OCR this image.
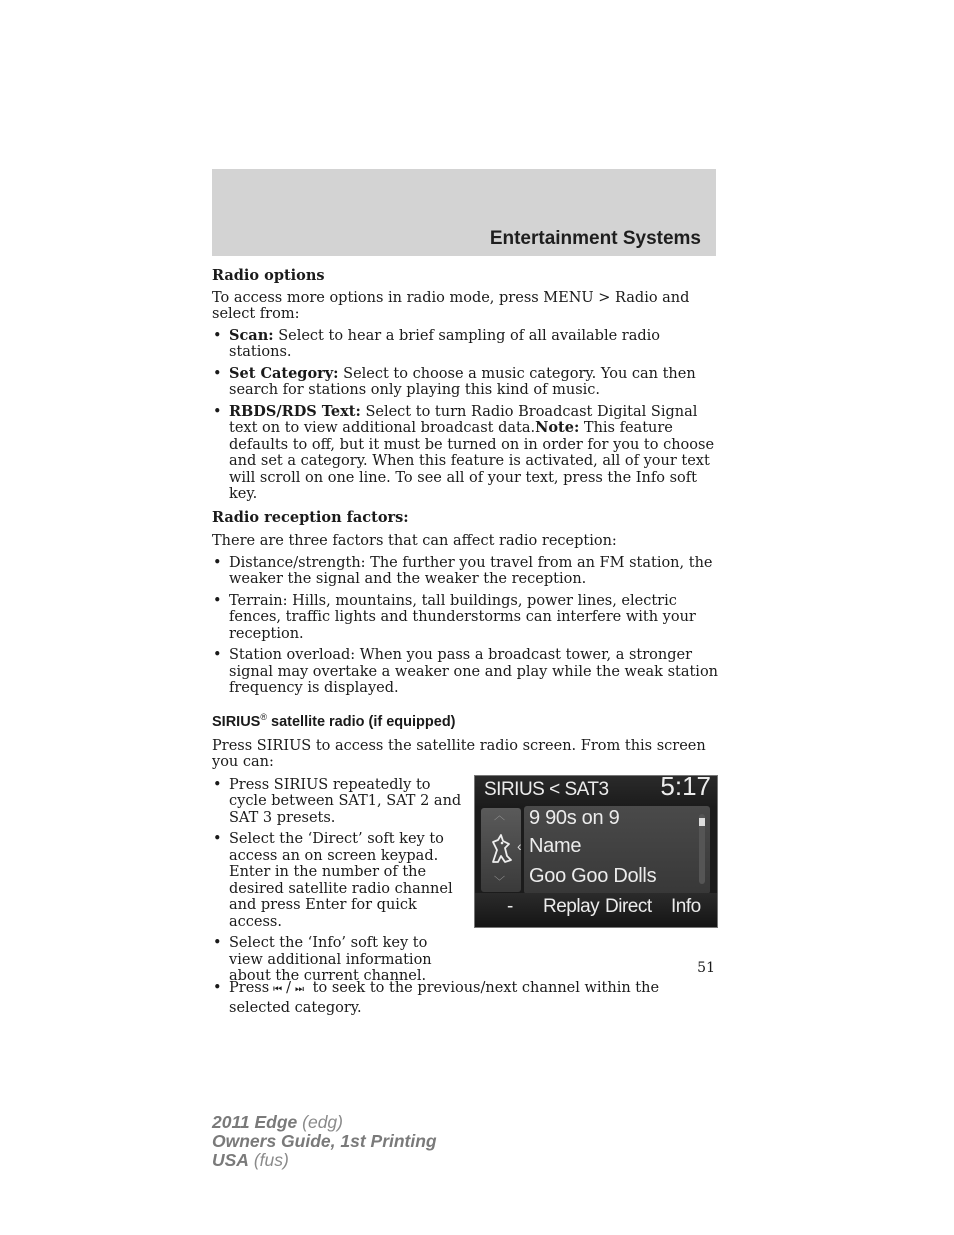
Entertainment Systems

Radio options

To access more options in radio mode, press MENU > Radio and select from:

• Scan: Select to hear a brief sampling of all available radio stations.
• Set Category: Select to choose a music category. You can then search for stations only playing this kind of music.
• RBDS/RDS Text: Select to turn Radio Broadcast Digital Signal text on to view additional broadcast data.Note: This feature defaults to off, but it must be turned on in order for you to choose and set a category. When this feature is activated, all of your text will scroll on one line. To see all of your text, press the Info soft key.

Radio reception factors:

There are three factors that can affect radio reception:

• Distance/strength: The further you travel from an FM station, the weaker the signal and the weaker the reception.
• Terrain: Hills, mountains, tall buildings, power lines, electric fences, traffic lights and thunderstorms can interfere with your reception.
• Station overload: When you pass a broadcast tower, a stronger signal may overtake a weaker one and play while the weak station frequency is displayed.

SIRIUS® satellite radio (if equipped)

Press SIRIUS to access the satellite radio screen. From this screen you can:

• Press SIRIUS repeatedly to cycle between SAT1, SAT 2 and SAT 3 presets.
• Select the ‘Direct’ soft key to access an on screen keypad. Enter in the number of the desired satellite radio channel and press Enter for quick access.
• Select the ‘Info’ soft key to view additional information about the current channel.
SIRIUS < SAT3 5:17
︿
﹀
‹
9 90s on 9
Name
Goo Goo Dolls
- Replay Direct Info
• Press ⏮ / ⏭ to seek to the previous/next channel within the selected category.
51
2011 Edge (edg)
Owners Guide, 1st Printing
USA (fus)
